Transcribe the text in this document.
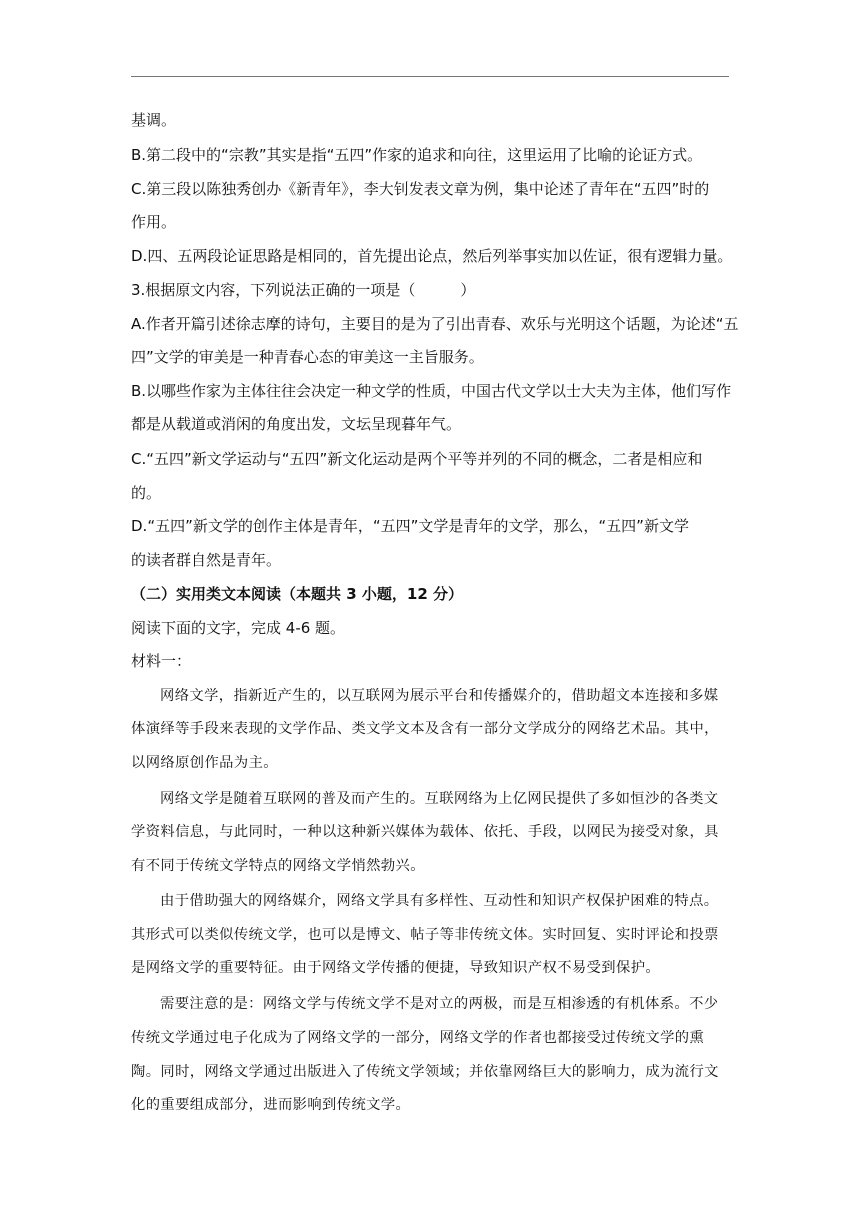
基调。
B.第二段中的“宗教”其实是指“五四”作家的追求和向往，这里运用了比喻的论证方式。
C.第三段以陈独秀创办《新青年》，李大钊发表文章为例，集中论述了青年在“五四”时的
作用。
D.四、五两段论证思路是相同的，首先提出论点，然后列举事实加以佐证，很有逻辑力量。
3.根据原文内容，下列说法正确的一项是（　　　）
A.作者开篇引述徐志摩的诗句，主要目的是为了引出青春、欢乐与光明这个话题，为论述“五
四”文学的审美是一种青春心态的审美这一主旨服务。
B.以哪些作家为主体往往会决定一种文学的性质，中国古代文学以士大夫为主体，他们写作
都是从载道或消闲的角度出发，文坛呈现暮年气。
C.“五四”新文学运动与“五四”新文化运动是两个平等并列的不同的概念，二者是相应和
的。
D.“五四”新文学的创作主体是青年，“五四”文学是青年的文学，那么，“五四”新文学
的读者群自然是青年。
（二）实用类文本阅读（本题共 3 小题，12 分）
阅读下面的文字，完成 4-6 题。
材料一：
网络文学，指新近产生的，以互联网为展示平台和传播媒介的，借助超文本连接和多媒
体演绎等手段来表现的文学作品、类文学文本及含有一部分文学成分的网络艺术品。其中，
以网络原创作品为主。
网络文学是随着互联网的普及而产生的。互联网络为上亿网民提供了多如恒沙的各类文
学资料信息，与此同时，一种以这种新兴媒体为载体、依托、手段，以网民为接受对象，具
有不同于传统文学特点的网络文学悄然勃兴。
由于借助强大的网络媒介，网络文学具有多样性、互动性和知识产权保护困难的特点。
其形式可以类似传统文学，也可以是博文、帖子等非传统文体。实时回复、实时评论和投票
是网络文学的重要特征。由于网络文学传播的便捷，导致知识产权不易受到保护。
需要注意的是：网络文学与传统文学不是对立的两极，而是互相渗透的有机体系。不少
传统文学通过电子化成为了网络文学的一部分，网络文学的作者也都接受过传统文学的熏
陶。同时，网络文学通过出版进入了传统文学领域；并依靠网络巨大的影响力，成为流行文
化的重要组成部分，进而影响到传统文学。
